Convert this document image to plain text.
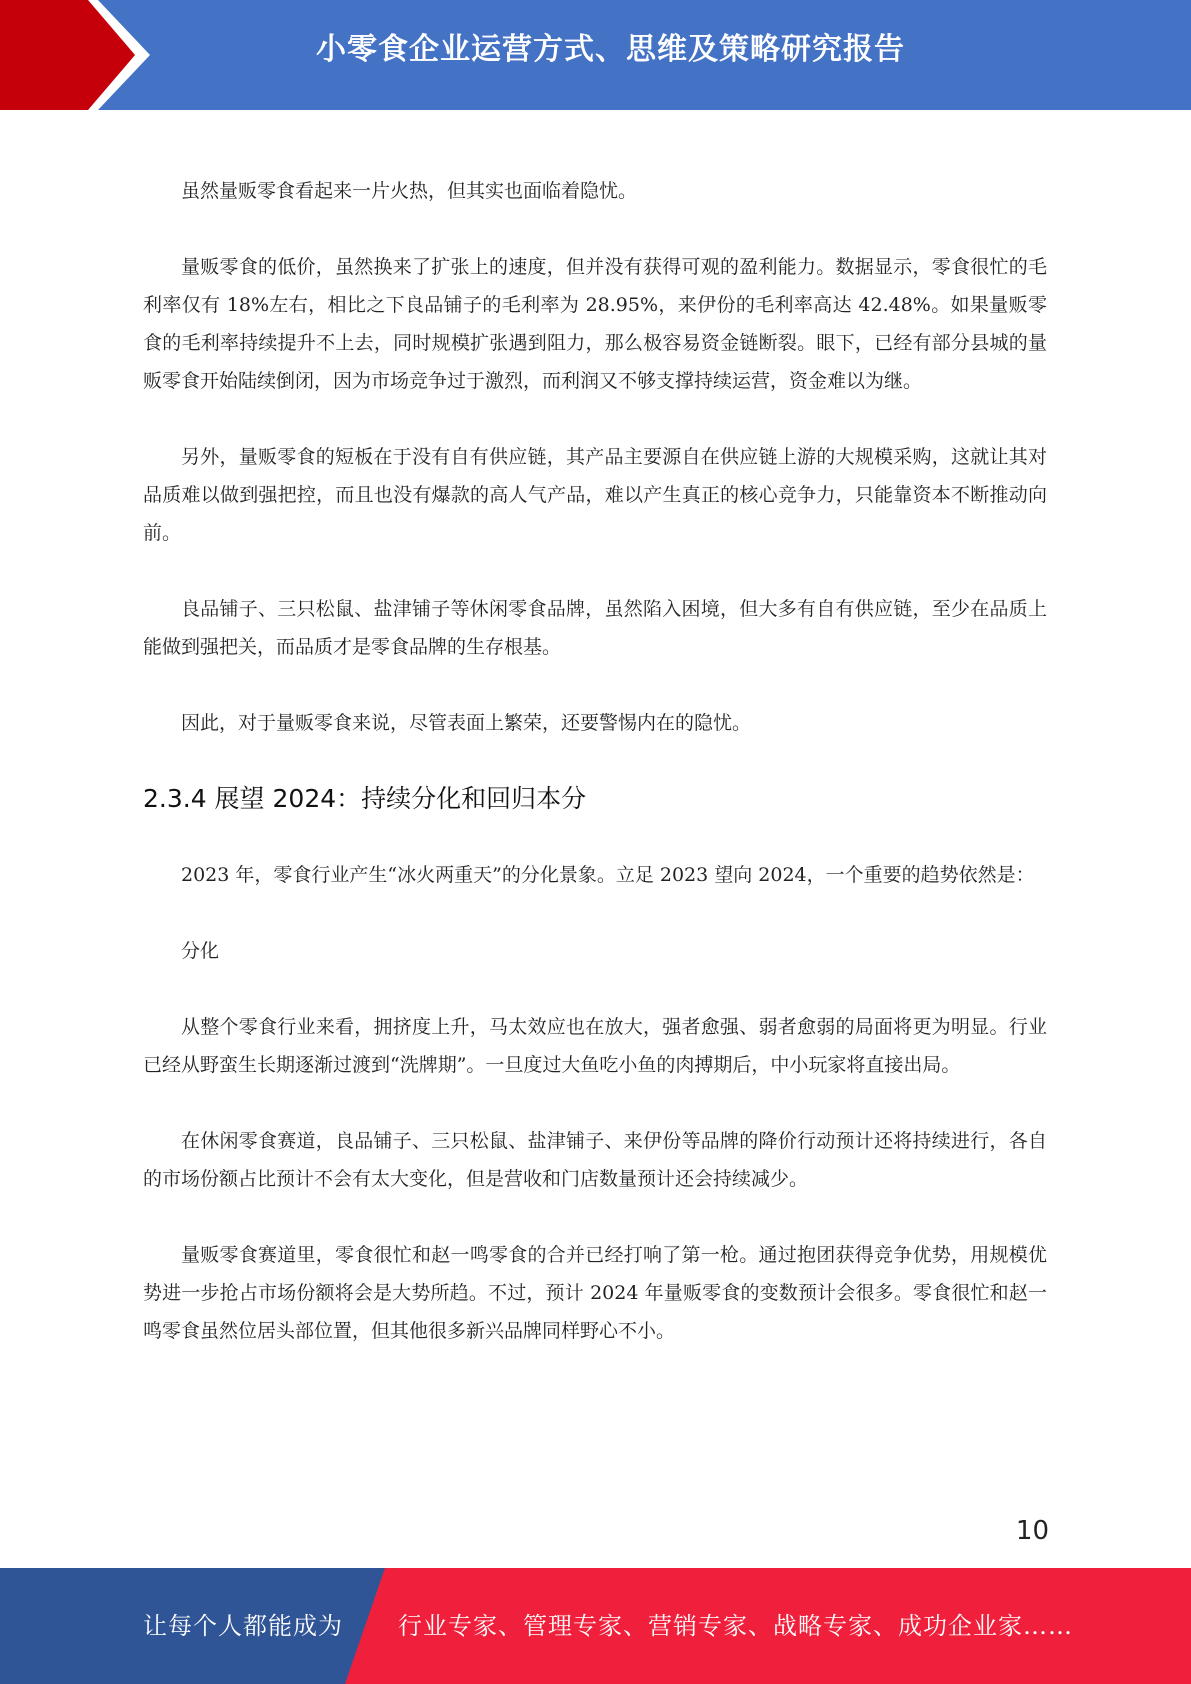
小零食企业运营方式、思维及策略研究报告

虽然量贩零食看起来一片火热，但其实也面临着隐忧。

量贩零食的低价，虽然换来了扩张上的速度，但并没有获得可观的盈利能力。数据显示，零食很忙的毛利率仅有 18%左右，相比之下良品铺子的毛利率为 28.95%，来伊份的毛利率高达 42.48%。如果量贩零食的毛利率持续提升不上去，同时规模扩张遇到阻力，那么极容易资金链断裂。眼下，已经有部分县城的量贩零食开始陆续倒闭，因为市场竞争过于激烈，而利润又不够支撑持续运营，资金难以为继。

另外，量贩零食的短板在于没有自有供应链，其产品主要源自在供应链上游的大规模采购，这就让其对品质难以做到强把控，而且也没有爆款的高人气产品，难以产生真正的核心竞争力，只能靠资本不断推动向前。

良品铺子、三只松鼠、盐津铺子等休闲零食品牌，虽然陷入困境，但大多有自有供应链，至少在品质上能做到强把关，而品质才是零食品牌的生存根基。

因此，对于量贩零食来说，尽管表面上繁荣，还要警惕内在的隐忧。

2.3.4 展望 2024：持续分化和回归本分

2023 年，零食行业产生“冰火两重天”的分化景象。立足 2023 望向 2024，一个重要的趋势依然是：

分化

从整个零食行业来看，拥挤度上升，马太效应也在放大，强者愈强、弱者愈弱的局面将更为明显。行业已经从野蛮生长期逐渐过渡到“洗牌期”。一旦度过大鱼吃小鱼的肉搏期后，中小玩家将直接出局。

在休闲零食赛道，良品铺子、三只松鼠、盐津铺子、来伊份等品牌的降价行动预计还将持续进行，各自的市场份额占比预计不会有太大变化，但是营收和门店数量预计还会持续减少。

量贩零食赛道里，零食很忙和赵一鸣零食的合并已经打响了第一枪。通过抱团获得竞争优势，用规模优势进一步抢占市场份额将会是大势所趋。不过，预计 2024 年量贩零食的变数预计会很多。零食很忙和赵一鸣零食虽然位居头部位置，但其他很多新兴品牌同样野心不小。

10
让每个人都能成为 行业专家、管理专家、营销专家、战略专家、成功企业家……
